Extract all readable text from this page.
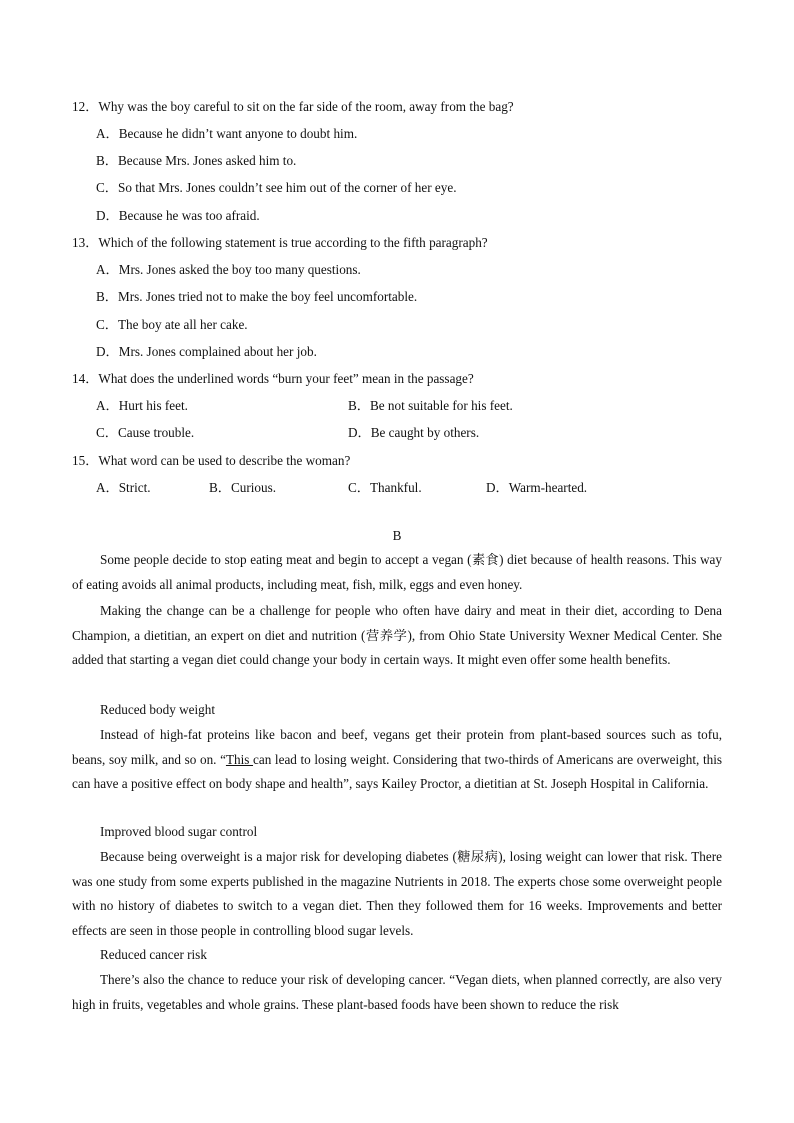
12．Why was the boy careful to sit on the far side of the room, away from the bag?
A．Because he didn’t want anyone to doubt him.
B．Because Mrs. Jones asked him to.
C．So that Mrs. Jones couldn’t see him out of the corner of her eye.
D．Because he was too afraid.
13．Which of the following statement is true according to the fifth paragraph?
A．Mrs. Jones asked the boy too many questions.
B．Mrs. Jones tried not to make the boy feel uncomfortable.
C．The boy ate all her cake.
D．Mrs. Jones complained about her job.
14．What does the underlined words “burn your feet” mean in the passage?
A．Hurt his feet.	B．Be not suitable for his feet.
C．Cause trouble.	D．Be caught by others.
15．What word can be used to describe the woman?
A．Strict.	B．Curious.	C．Thankful.	D．Warm-hearted.
B
Some people decide to stop eating meat and begin to accept a vegan (素食) diet because of health reasons. This way of eating avoids all animal products, including meat, fish, milk, eggs and even honey.
Making the change can be a challenge for people who often have dairy and meat in their diet, according to Dena Champion, a dietitian, an expert on diet and nutrition (营养学), from Ohio State University Wexner Medical Center. She added that starting a vegan diet could change your body in certain ways. It might even offer some health benefits.
Reduced body weight
Instead of high-fat proteins like bacon and beef, vegans get their protein from plant-based sources such as tofu, beans, soy milk, and so on. “This can lead to losing weight. Considering that two-thirds of Americans are overweight, this can have a positive effect on body shape and health”, says Kailey Proctor, a dietitian at St. Joseph Hospital in California.
Improved blood sugar control
Because being overweight is a major risk for developing diabetes (糖尿病), losing weight can lower that risk. There was one study from some experts published in the magazine Nutrients in 2018. The experts chose some overweight people with no history of diabetes to switch to a vegan diet. Then they followed them for 16 weeks. Improvements and better effects are seen in those people in controlling blood sugar levels.
Reduced cancer risk
There’s also the chance to reduce your risk of developing cancer. “Vegan diets, when planned correctly, are also very high in fruits, vegetables and whole grains. These plant-based foods have been shown to reduce the risk
